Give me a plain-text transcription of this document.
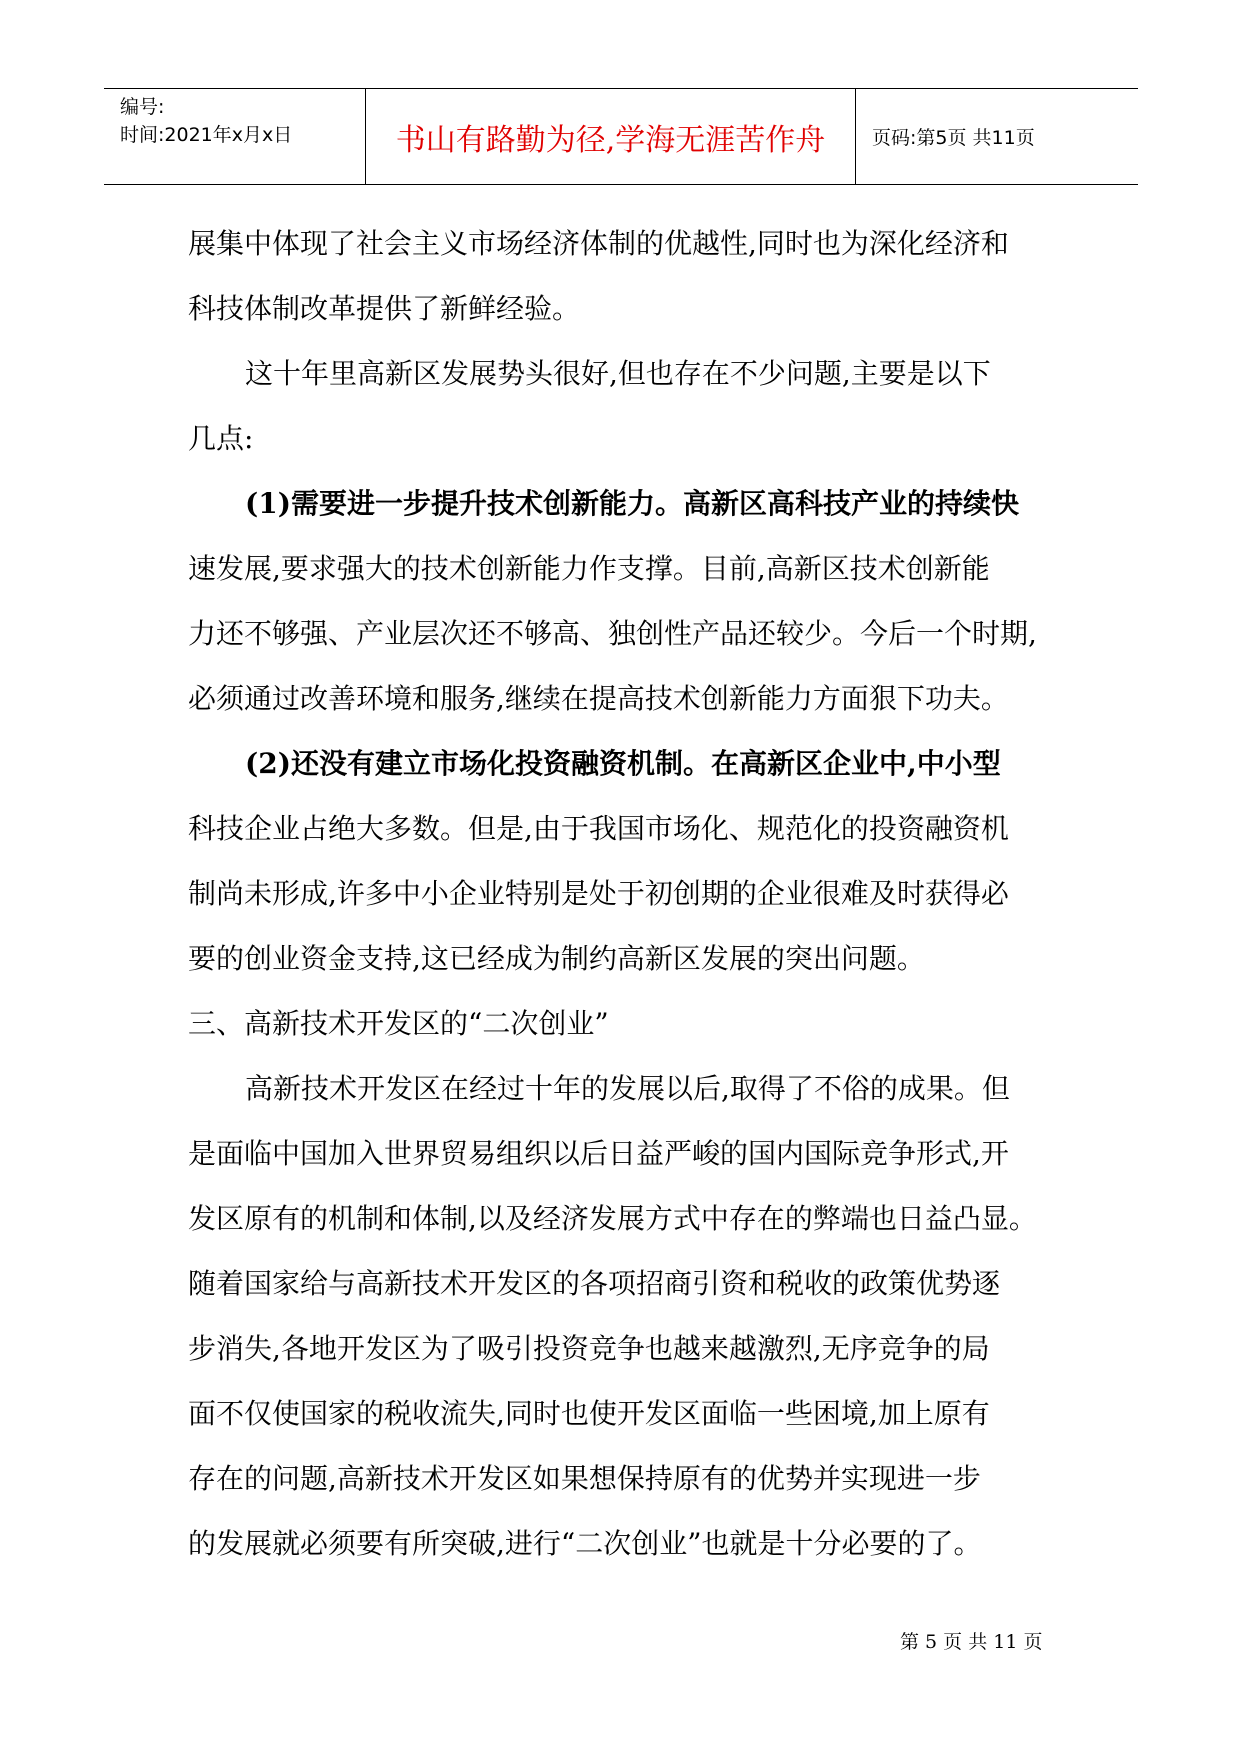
编号:
时间:2021年x月x日	书山有路勤为径,学海无涯苦作舟	页码:第5页 共11页
展集中体现了社会主义市场经济体制的优越性,同时也为深化经济和
科技体制改革提供了新鲜经验。
这十年里高新区发展势头很好,但也存在不少问题,主要是以下
几点:
(1)需要进一步提升技术创新能力。高新区高科技产业的持续快
速发展,要求强大的技术创新能力作支撑。目前,高新区技术创新能
力还不够强、产业层次还不够高、独创性产品还较少。今后一个时期,
必须通过改善环境和服务,继续在提高技术创新能力方面狠下功夫。
(2)还没有建立市场化投资融资机制。在高新区企业中,中小型
科技企业占绝大多数。但是,由于我国市场化、规范化的投资融资机
制尚未形成,许多中小企业特别是处于初创期的企业很难及时获得必
要的创业资金支持,这已经成为制约高新区发展的突出问题。
三、高新技术开发区的“二次创业”
高新技术开发区在经过十年的发展以后,取得了不俗的成果。但
是面临中国加入世界贸易组织以后日益严峻的国内国际竞争形式,开
发区原有的机制和体制,以及经济发展方式中存在的弊端也日益凸显。
随着国家给与高新技术开发区的各项招商引资和税收的政策优势逐
步消失,各地开发区为了吸引投资竞争也越来越激烈,无序竞争的局
面不仅使国家的税收流失,同时也使开发区面临一些困境,加上原有
存在的问题,高新技术开发区如果想保持原有的优势并实现进一步
的发展就必须要有所突破,进行“二次创业”也就是十分必要的了。
第 5 页 共 11 页
